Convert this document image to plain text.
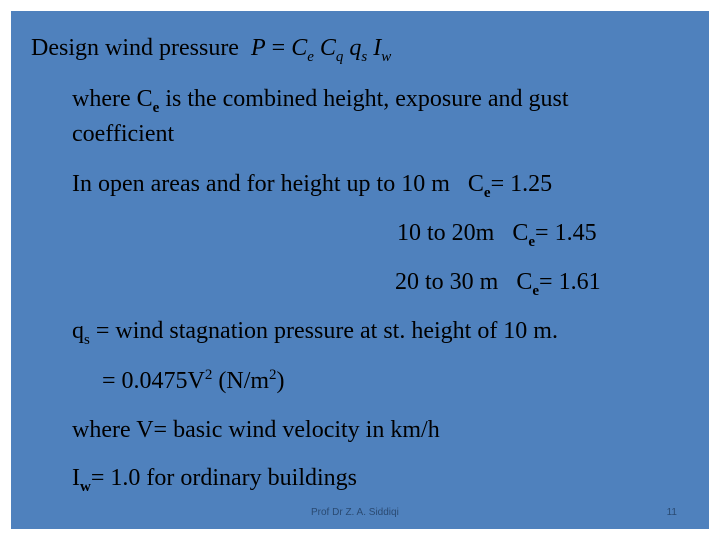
Design wind pressure $P = C_e$ $C_q$ $q_s$ $I_w$
where $C_e$ is the combined height, exposure and gust
coefficient
In open areas and for height up to 10 m $C_e= 1.25$
10 to 20m $C_e= 1.45$
20 to 30 m $C_e= 1.61$
$q_s$ = wind stagnation pressure at st. height of 10 m.
= $0.0475V^2$ $(N/m^2)$
where V= basic wind velocity in km/h
$I_w= 1.0$ for ordinary buildings
Prof Dr Z. A. Siddiqi	11
